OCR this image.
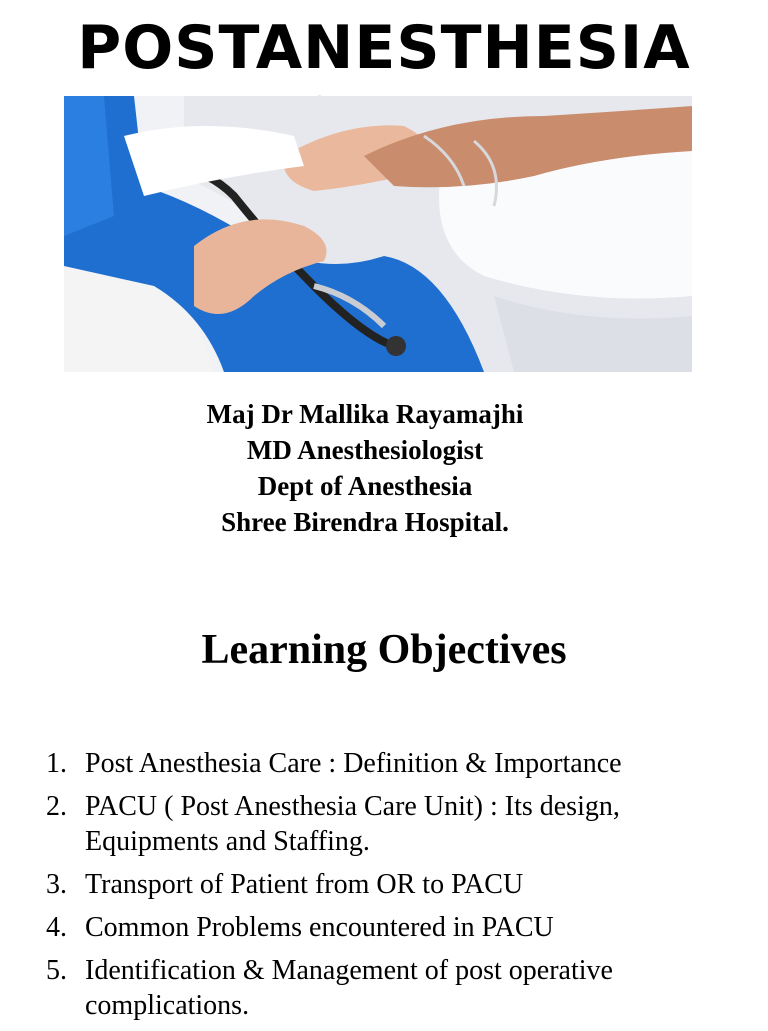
POSTANESTHESIA
Maj Dr Mallika Rayamajhi
MD Anesthesiologist
Dept of Anesthesia
Shree Birendra Hospital.
Learning Objectives
1. Post Anesthesia Care : Definition & Importance
2. PACU ( Post Anesthesia Care Unit) : Its design, Equipments and Staffing.
3. Transport of Patient from OR to PACU
4. Common Problems encountered in PACU
5. Identification & Management of post operative complications.
